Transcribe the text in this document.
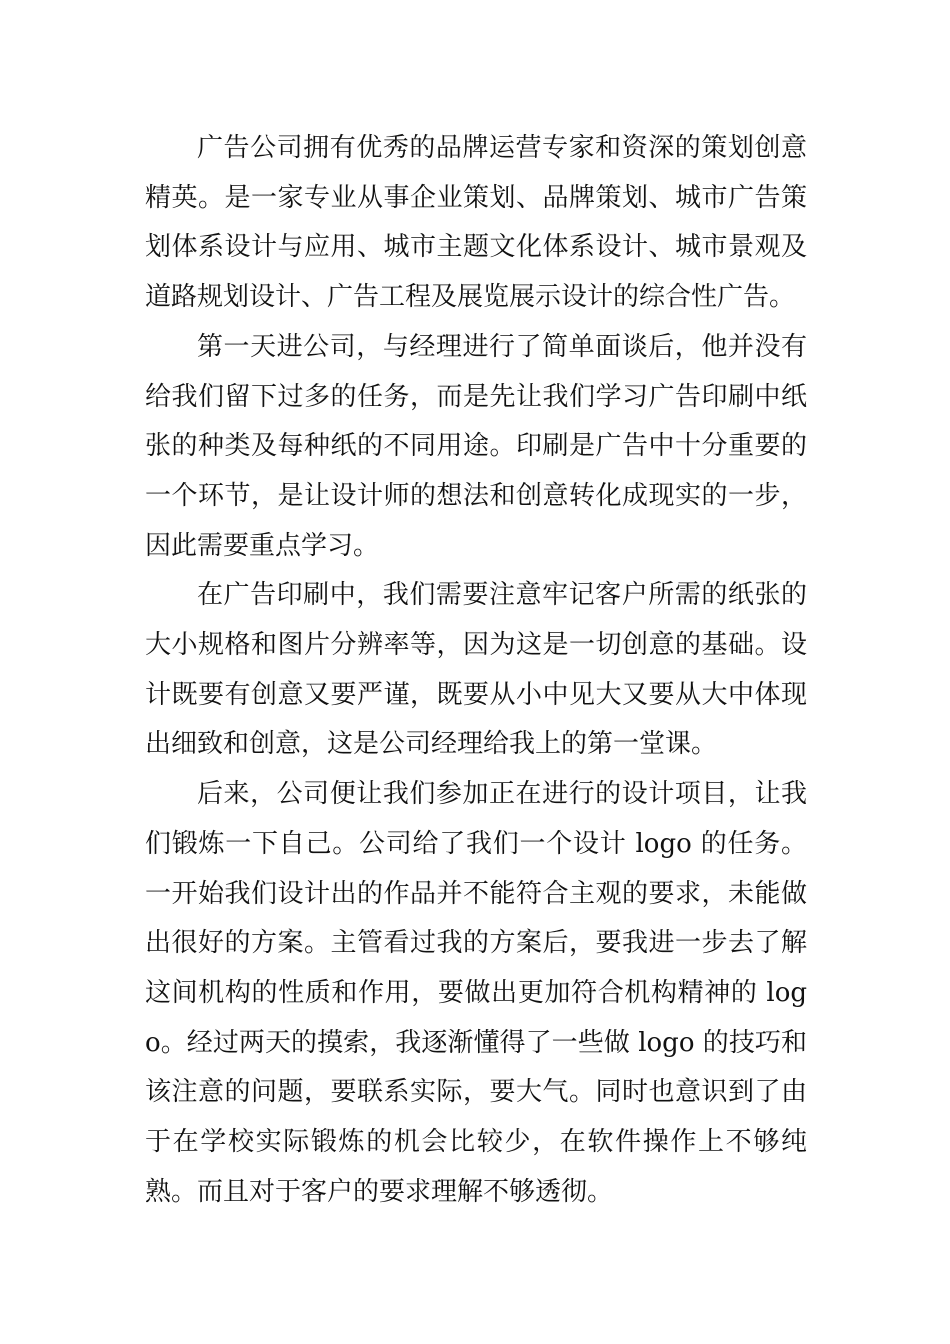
广告公司拥有优秀的品牌运营专家和资深的策划创意精英。是一家专业从事企业策划、品牌策划、城市广告策划体系设计与应用、城市主题文化体系设计、城市景观及道路规划设计、广告工程及展览展示设计的综合性广告。

第一天进公司，与经理进行了简单面谈后，他并没有给我们留下过多的任务，而是先让我们学习广告印刷中纸张的种类及每种纸的不同用途。印刷是广告中十分重要的一个环节，是让设计师的想法和创意转化成现实的一步，因此需要重点学习。

在广告印刷中，我们需要注意牢记客户所需的纸张的大小规格和图片分辨率等，因为这是一切创意的基础。设计既要有创意又要严谨，既要从小中见大又要从大中体现出细致和创意，这是公司经理给我上的第一堂课。

后来，公司便让我们参加正在进行的设计项目，让我们锻炼一下自己。公司给了我们一个设计 logo 的任务。一开始我们设计出的作品并不能符合主观的要求，未能做出很好的方案。主管看过我的方案后，要我进一步去了解这间机构的性质和作用，要做出更加符合机构精神的 logo。经过两天的摸索，我逐渐懂得了一些做 logo 的技巧和该注意的问题，要联系实际，要大气。同时也意识到了由于在学校实际锻炼的机会比较少，在软件操作上不够纯熟。而且对于客户的要求理解不够透彻。
